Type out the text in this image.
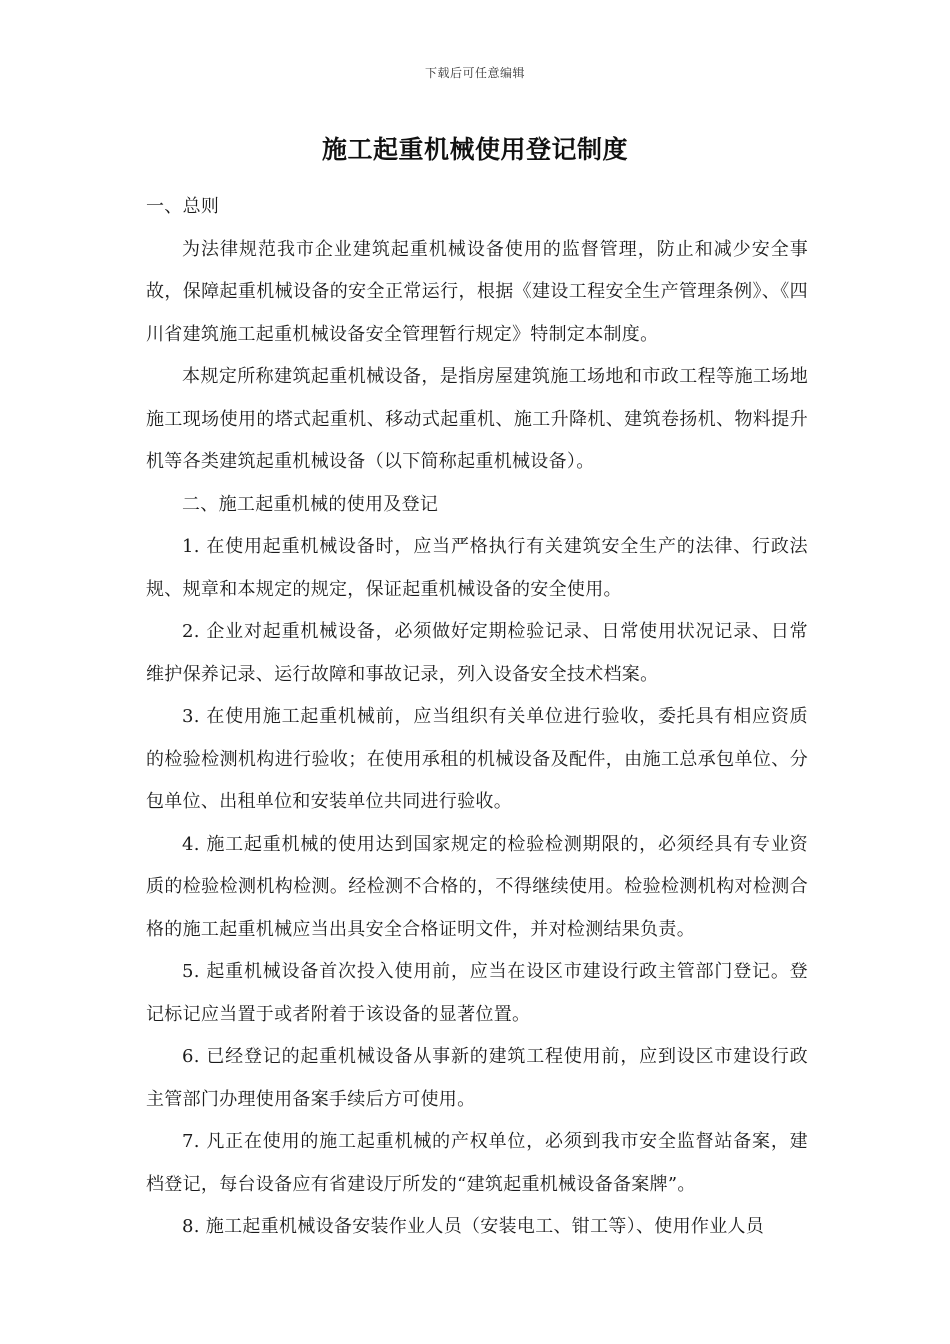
下载后可任意编辑
施工起重机械使用登记制度

一、总则

为法律规范我市企业建筑起重机械设备使用的监督管理，防止和减少安全事故，保障起重机械设备的安全正常运行，根据《建设工程安全生产管理条例》、《四川省建筑施工起重机械设备安全管理暂行规定》特制定本制度。

本规定所称建筑起重机械设备，是指房屋建筑施工场地和市政工程等施工场地施工现场使用的塔式起重机、移动式起重机、施工升降机、建筑卷扬机、物料提升机等各类建筑起重机械设备（以下简称起重机械设备）。

二、施工起重机械的使用及登记

1. 在使用起重机械设备时，应当严格执行有关建筑安全生产的法律、行政法规、规章和本规定的规定，保证起重机械设备的安全使用。

2. 企业对起重机械设备，必须做好定期检验记录、日常使用状况记录、日常维护保养记录、运行故障和事故记录，列入设备安全技术档案。

3. 在使用施工起重机械前，应当组织有关单位进行验收，委托具有相应资质的检验检测机构进行验收；在使用承租的机械设备及配件，由施工总承包单位、分包单位、出租单位和安装单位共同进行验收。

4. 施工起重机械的使用达到国家规定的检验检测期限的，必须经具有专业资质的检验检测机构检测。经检测不合格的，不得继续使用。检验检测机构对检测合格的施工起重机械应当出具安全合格证明文件，并对检测结果负责。

5. 起重机械设备首次投入使用前，应当在设区市建设行政主管部门登记。登记标记应当置于或者附着于该设备的显著位置。

6. 已经登记的起重机械设备从事新的建筑工程使用前，应到设区市建设行政主管部门办理使用备案手续后方可使用。

7. 凡正在使用的施工起重机械的产权单位，必须到我市安全监督站备案，建档登记，每台设备应有省建设厅所发的“建筑起重机械设备备案牌”。

8. 施工起重机械设备安装作业人员（安装电工、钳工等）、使用作业人员
